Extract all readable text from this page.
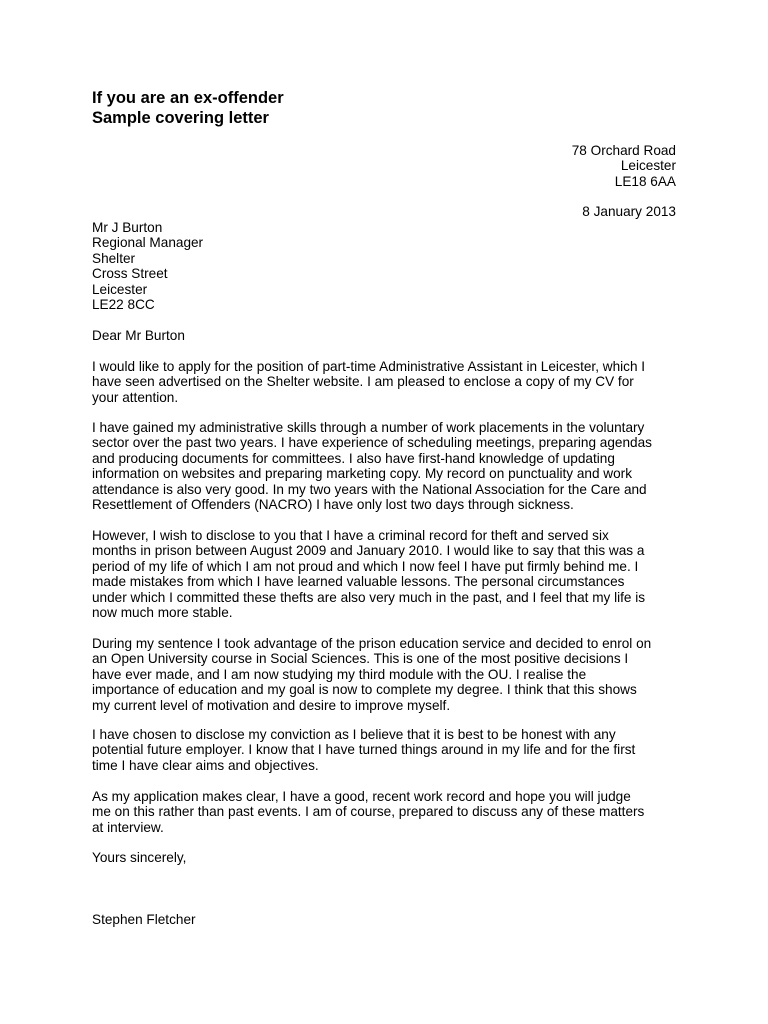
If you are an ex-offender
Sample covering letter
78 Orchard Road
Leicester
LE18 6AA
8 January 2013
Mr J Burton
Regional Manager
Shelter
Cross Street
Leicester
LE22 8CC
Dear Mr Burton
I would like to apply for the position of part-time Administrative Assistant in Leicester, which I
have seen advertised on the Shelter website. I am pleased to enclose a copy of my CV for
your attention.
I have gained my administrative skills through a number of work placements in the voluntary
sector over the past two years. I have experience of scheduling meetings, preparing agendas
and producing documents for committees. I also have first-hand knowledge of updating
information on websites and preparing marketing copy. My record on punctuality and work
attendance is also very good. In my two years with the National Association for the Care and
Resettlement of Offenders (NACRO) I have only lost two days through sickness.
However, I wish to disclose to you that I have a criminal record for theft and served six
months in prison between August 2009 and January 2010. I would like to say that this was a
period of my life of which I am not proud and which I now feel I have put firmly behind me. I
made mistakes from which I have learned valuable lessons. The personal circumstances
under which I committed these thefts are also very much in the past, and I feel that my life is
now much more stable.
During my sentence I took advantage of the prison education service and decided to enrol on
an Open University course in Social Sciences. This is one of the most positive decisions I
have ever made, and I am now studying my third module with the OU. I realise the
importance of education and my goal is now to complete my degree. I think that this shows
my current level of motivation and desire to improve myself.
I have chosen to disclose my conviction as I believe that it is best to be honest with any
potential future employer. I know that I have turned things around in my life and for the first
time I have clear aims and objectives.
As my application makes clear, I have a good, recent work record and hope you will judge
me on this rather than past events. I am of course, prepared to discuss any of these matters
at interview.
Yours sincerely,
Stephen Fletcher
